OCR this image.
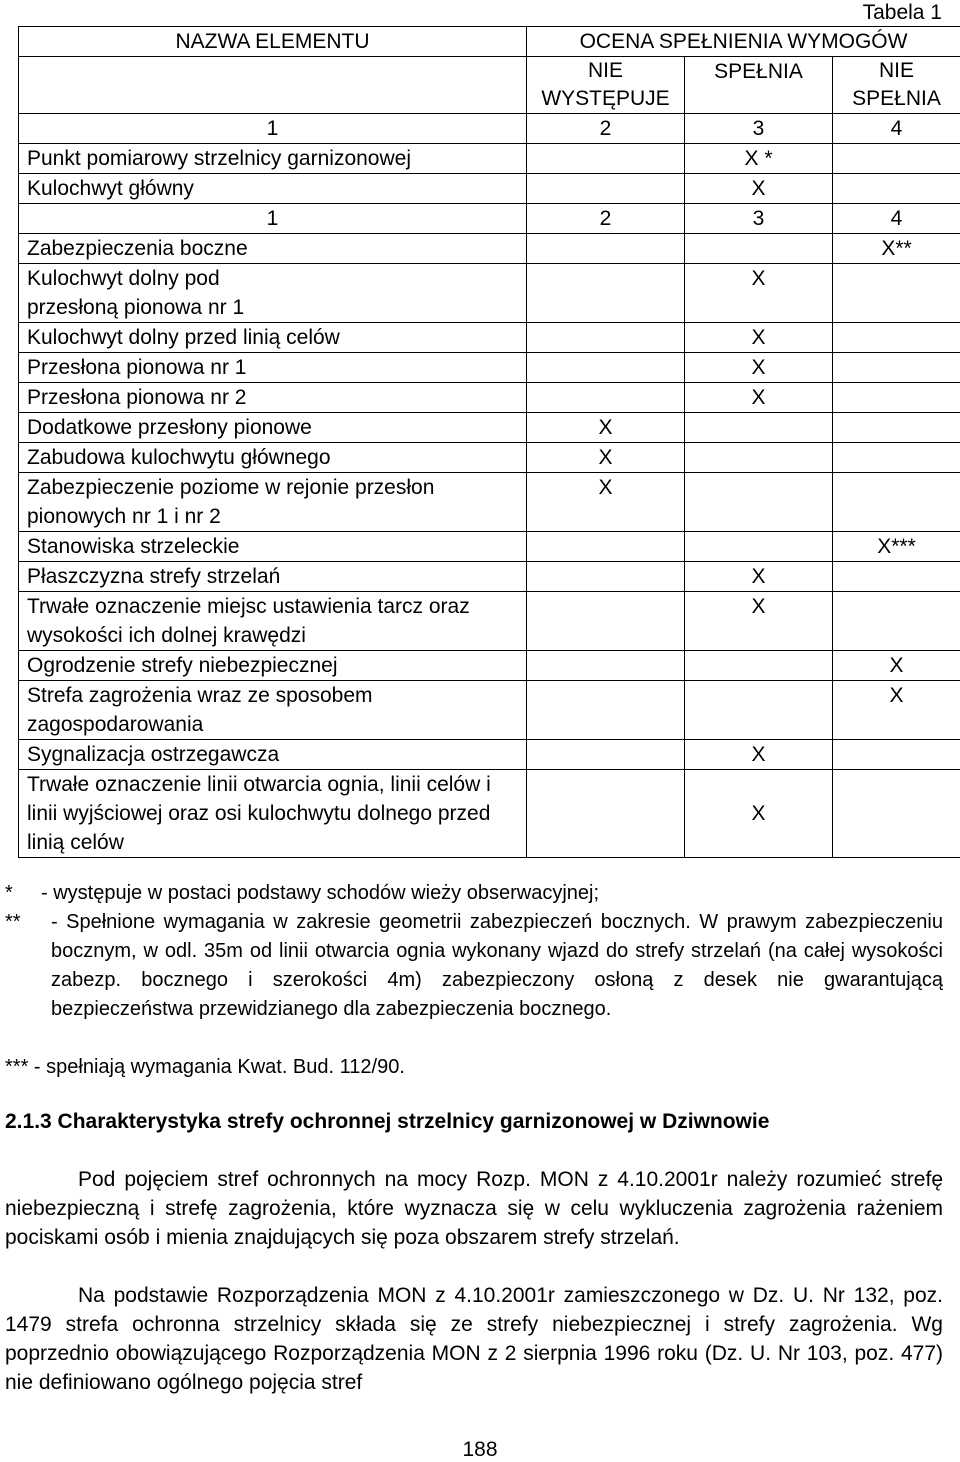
Tabela 1
NAZWA ELEMENTU	OCENA SPEŁNIENIA WYMOGÓW		
	NIE WYSTĘPUJE	SPEŁNIA	NIE SPEŁNIA
1	2	3	4
Punkt pomiarowy strzelnicy garnizonowej		X *	
Kulochwyt główny		X	
1	2	3	4
Zabezpieczenia boczne			X**
Kulochwyt dolny pod przesłoną pionowa nr 1		X	
Kulochwyt dolny przed linią celów		X	
Przesłona pionowa nr 1		X	
Przesłona pionowa nr 2		X	
Dodatkowe przesłony pionowe	X		
Zabudowa kulochwytu głównego	X		
Zabezpieczenie poziome w rejonie przesłon pionowych nr 1 i nr 2	X		
Stanowiska strzeleckie			X***
Płaszczyzna strefy strzelań		X	
Trwałe oznaczenie miejsc ustawienia tarcz oraz wysokości ich dolnej krawędzi		X	
Ogrodzenie strefy niebezpiecznej			X
Strefa zagrożenia wraz ze sposobem zagospodarowania			X
Sygnalizacja ostrzegawcza		X	
Trwałe oznaczenie linii otwarcia ognia, linii celów i linii wyjściowej oraz osi kulochwytu dolnego przed linią celów		X	
*	- występuje w postaci podstawy schodów wieży obserwacyjnej;
**	- Spełnione wymagania w zakresie geometrii zabezpieczeń bocznych. W prawym zabezpieczeniu bocznym, w odl. 35m od linii otwarcia ognia wykonany wjazd do strefy strzelań (na całej wysokości zabezp. bocznego i szerokości 4m) zabezpieczony osłoną z desek nie gwarantującą bezpieczeństwa przewidzianego dla zabezpieczenia bocznego.
*** - spełniają wymagania Kwat. Bud. 112/90.
2.1.3 Charakterystyka strefy ochronnej strzelnicy garnizonowej w Dziwnowie
Pod pojęciem stref ochronnych na mocy Rozp. MON z 4.10.2001r należy rozumieć strefę niebezpieczną i strefę zagrożenia, które wyznacza się w celu wykluczenia zagrożenia rażeniem pociskami osób i mienia znajdujących się poza obszarem strefy strzelań.
Na podstawie Rozporządzenia MON z 4.10.2001r zamieszczonego w Dz. U. Nr 132, poz. 1479 strefa ochronna strzelnicy składa się ze strefy niebezpiecznej i strefy zagrożenia. Wg poprzednio obowiązującego Rozporządzenia MON z 2 sierpnia 1996 roku (Dz. U. Nr 103, poz. 477) nie definiowano ogólnego pojęcia stref
188
